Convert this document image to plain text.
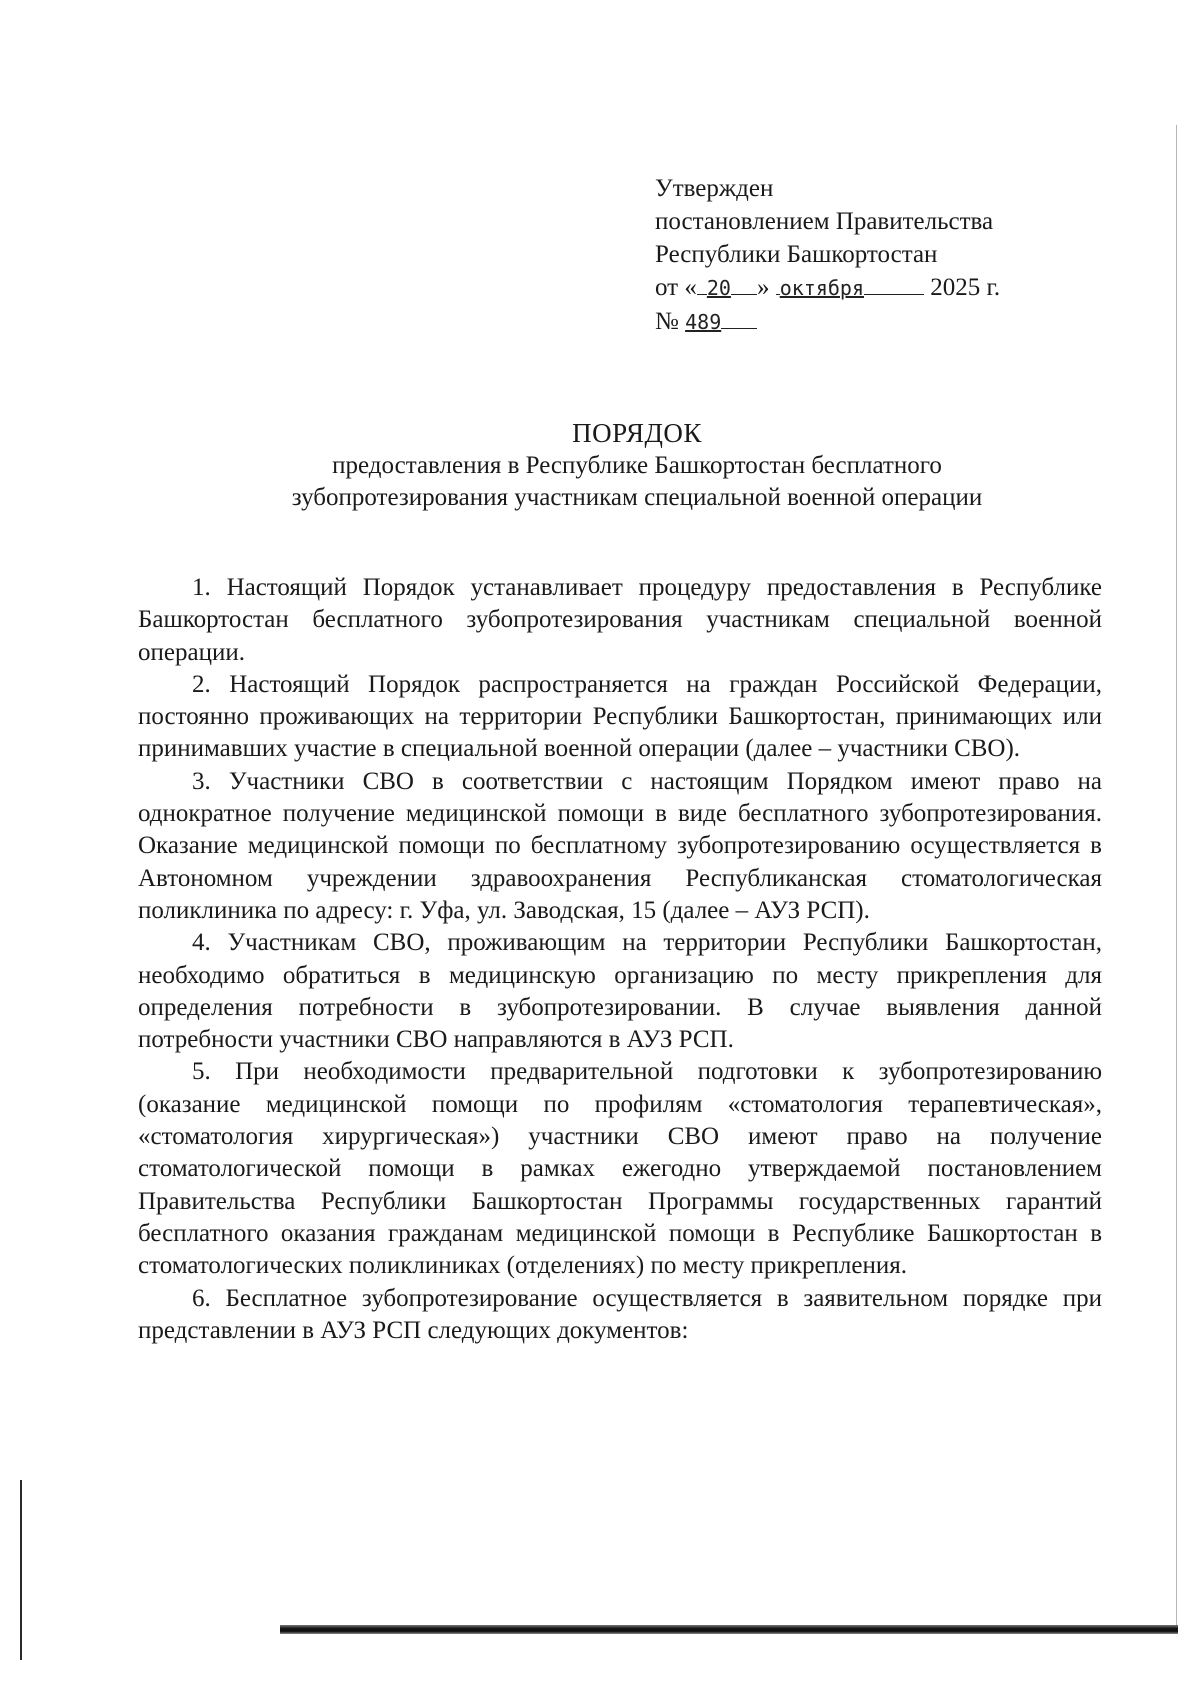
Утвержден
постановлением Правительства
Республики Башкортостан
от « 20 » октября	2025 г.
№ 489
ПОРЯДОК
предоставления в Республике Башкортостан бесплатного
зубопротезирования участникам специальной военной операции

1. Настоящий Порядок устанавливает процедуру предоставления в Республике Башкортостан бесплатного зубопротезирования участникам специальной военной операции.

2. Настоящий Порядок распространяется на граждан Российской Федерации, постоянно проживающих на территории Республики Башкортостан, принимающих или принимавших участие в специальной военной операции (далее – участники СВО).

3. Участники СВО в соответствии с настоящим Порядком имеют право на однократное получение медицинской помощи в виде бесплатного зубопротезирования. Оказание медицинской помощи по бесплатному зубопротезированию осуществляется в Автономном учреждении здравоохранения Республиканская стоматологическая поликлиника по адресу: г. Уфа, ул. Заводская, 15 (далее – АУЗ РСП).

4. Участникам СВО, проживающим на территории Республики Башкортостан, необходимо обратиться в медицинскую организацию по месту прикрепления для определения потребности в зубопротезировании. В случае выявления данной потребности участники СВО направляются в АУЗ РСП.

5. При необходимости предварительной подготовки к зубопротезированию (оказание медицинской помощи по профилям «стоматология терапевтическая», «стоматология хирургическая») участники СВО имеют право на получение стоматологической помощи в рамках ежегодно утверждаемой постановлением Правительства Республики Башкортостан Программы государственных гарантий бесплатного оказания гражданам медицинской помощи в Республике Башкортостан в стоматологических поликлиниках (отделениях) по месту прикрепления.

6. Бесплатное зубопротезирование осуществляется в заявительном порядке при представлении в АУЗ РСП следующих документов:
